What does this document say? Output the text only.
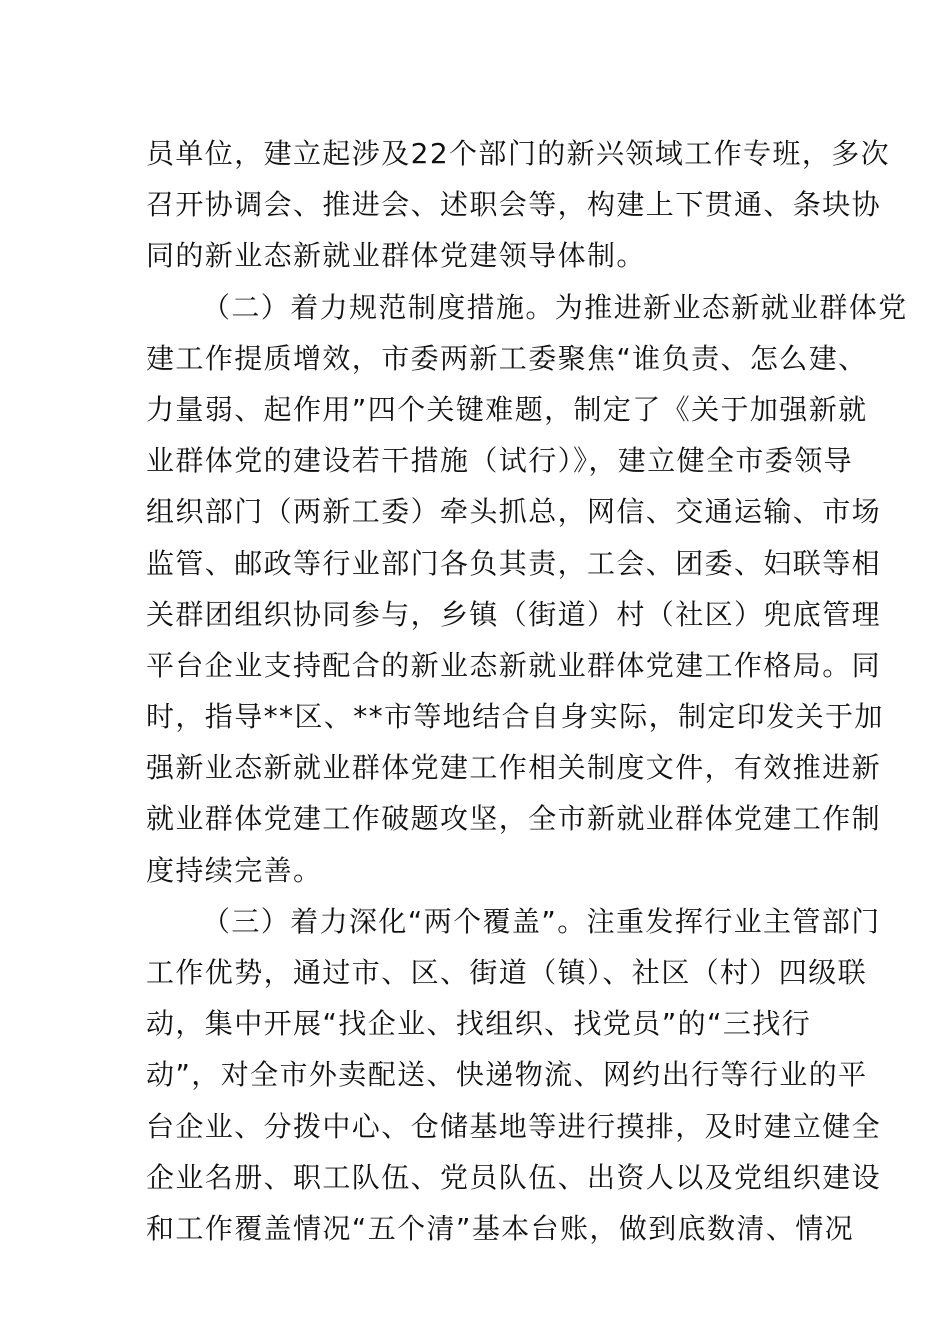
员单位，建立起涉及22个部门的新兴领域工作专班，多次
召开协调会、推进会、述职会等，构建上下贯通、条块协
同的新业态新就业群体党建领导体制。
（二）着力规范制度措施。为推进新业态新就业群体党
建工作提质增效，市委两新工委聚焦“谁负责、怎么建、
力量弱、起作用”四个关键难题，制定了《关于加强新就
业群体党的建设若干措施（试行）》，建立健全市委领导
组织部门（两新工委）牵头抓总，网信、交通运输、市场
监管、邮政等行业部门各负其责，工会、团委、妇联等相
关群团组织协同参与，乡镇（街道）村（社区）兜底管理
平台企业支持配合的新业态新就业群体党建工作格局。同
时，指导**区、**市等地结合自身实际，制定印发关于加
强新业态新就业群体党建工作相关制度文件，有效推进新
就业群体党建工作破题攻坚，全市新就业群体党建工作制
度持续完善。
（三）着力深化“两个覆盖”。注重发挥行业主管部门
工作优势，通过市、区、街道（镇）、社区（村）四级联
动，集中开展“找企业、找组织、找党员”的“三找行
动”，对全市外卖配送、快递物流、网约出行等行业的平
台企业、分拨中心、仓储基地等进行摸排，及时建立健全
企业名册、职工队伍、党员队伍、出资人以及党组织建设
和工作覆盖情况“五个清”基本台账，做到底数清、情况
